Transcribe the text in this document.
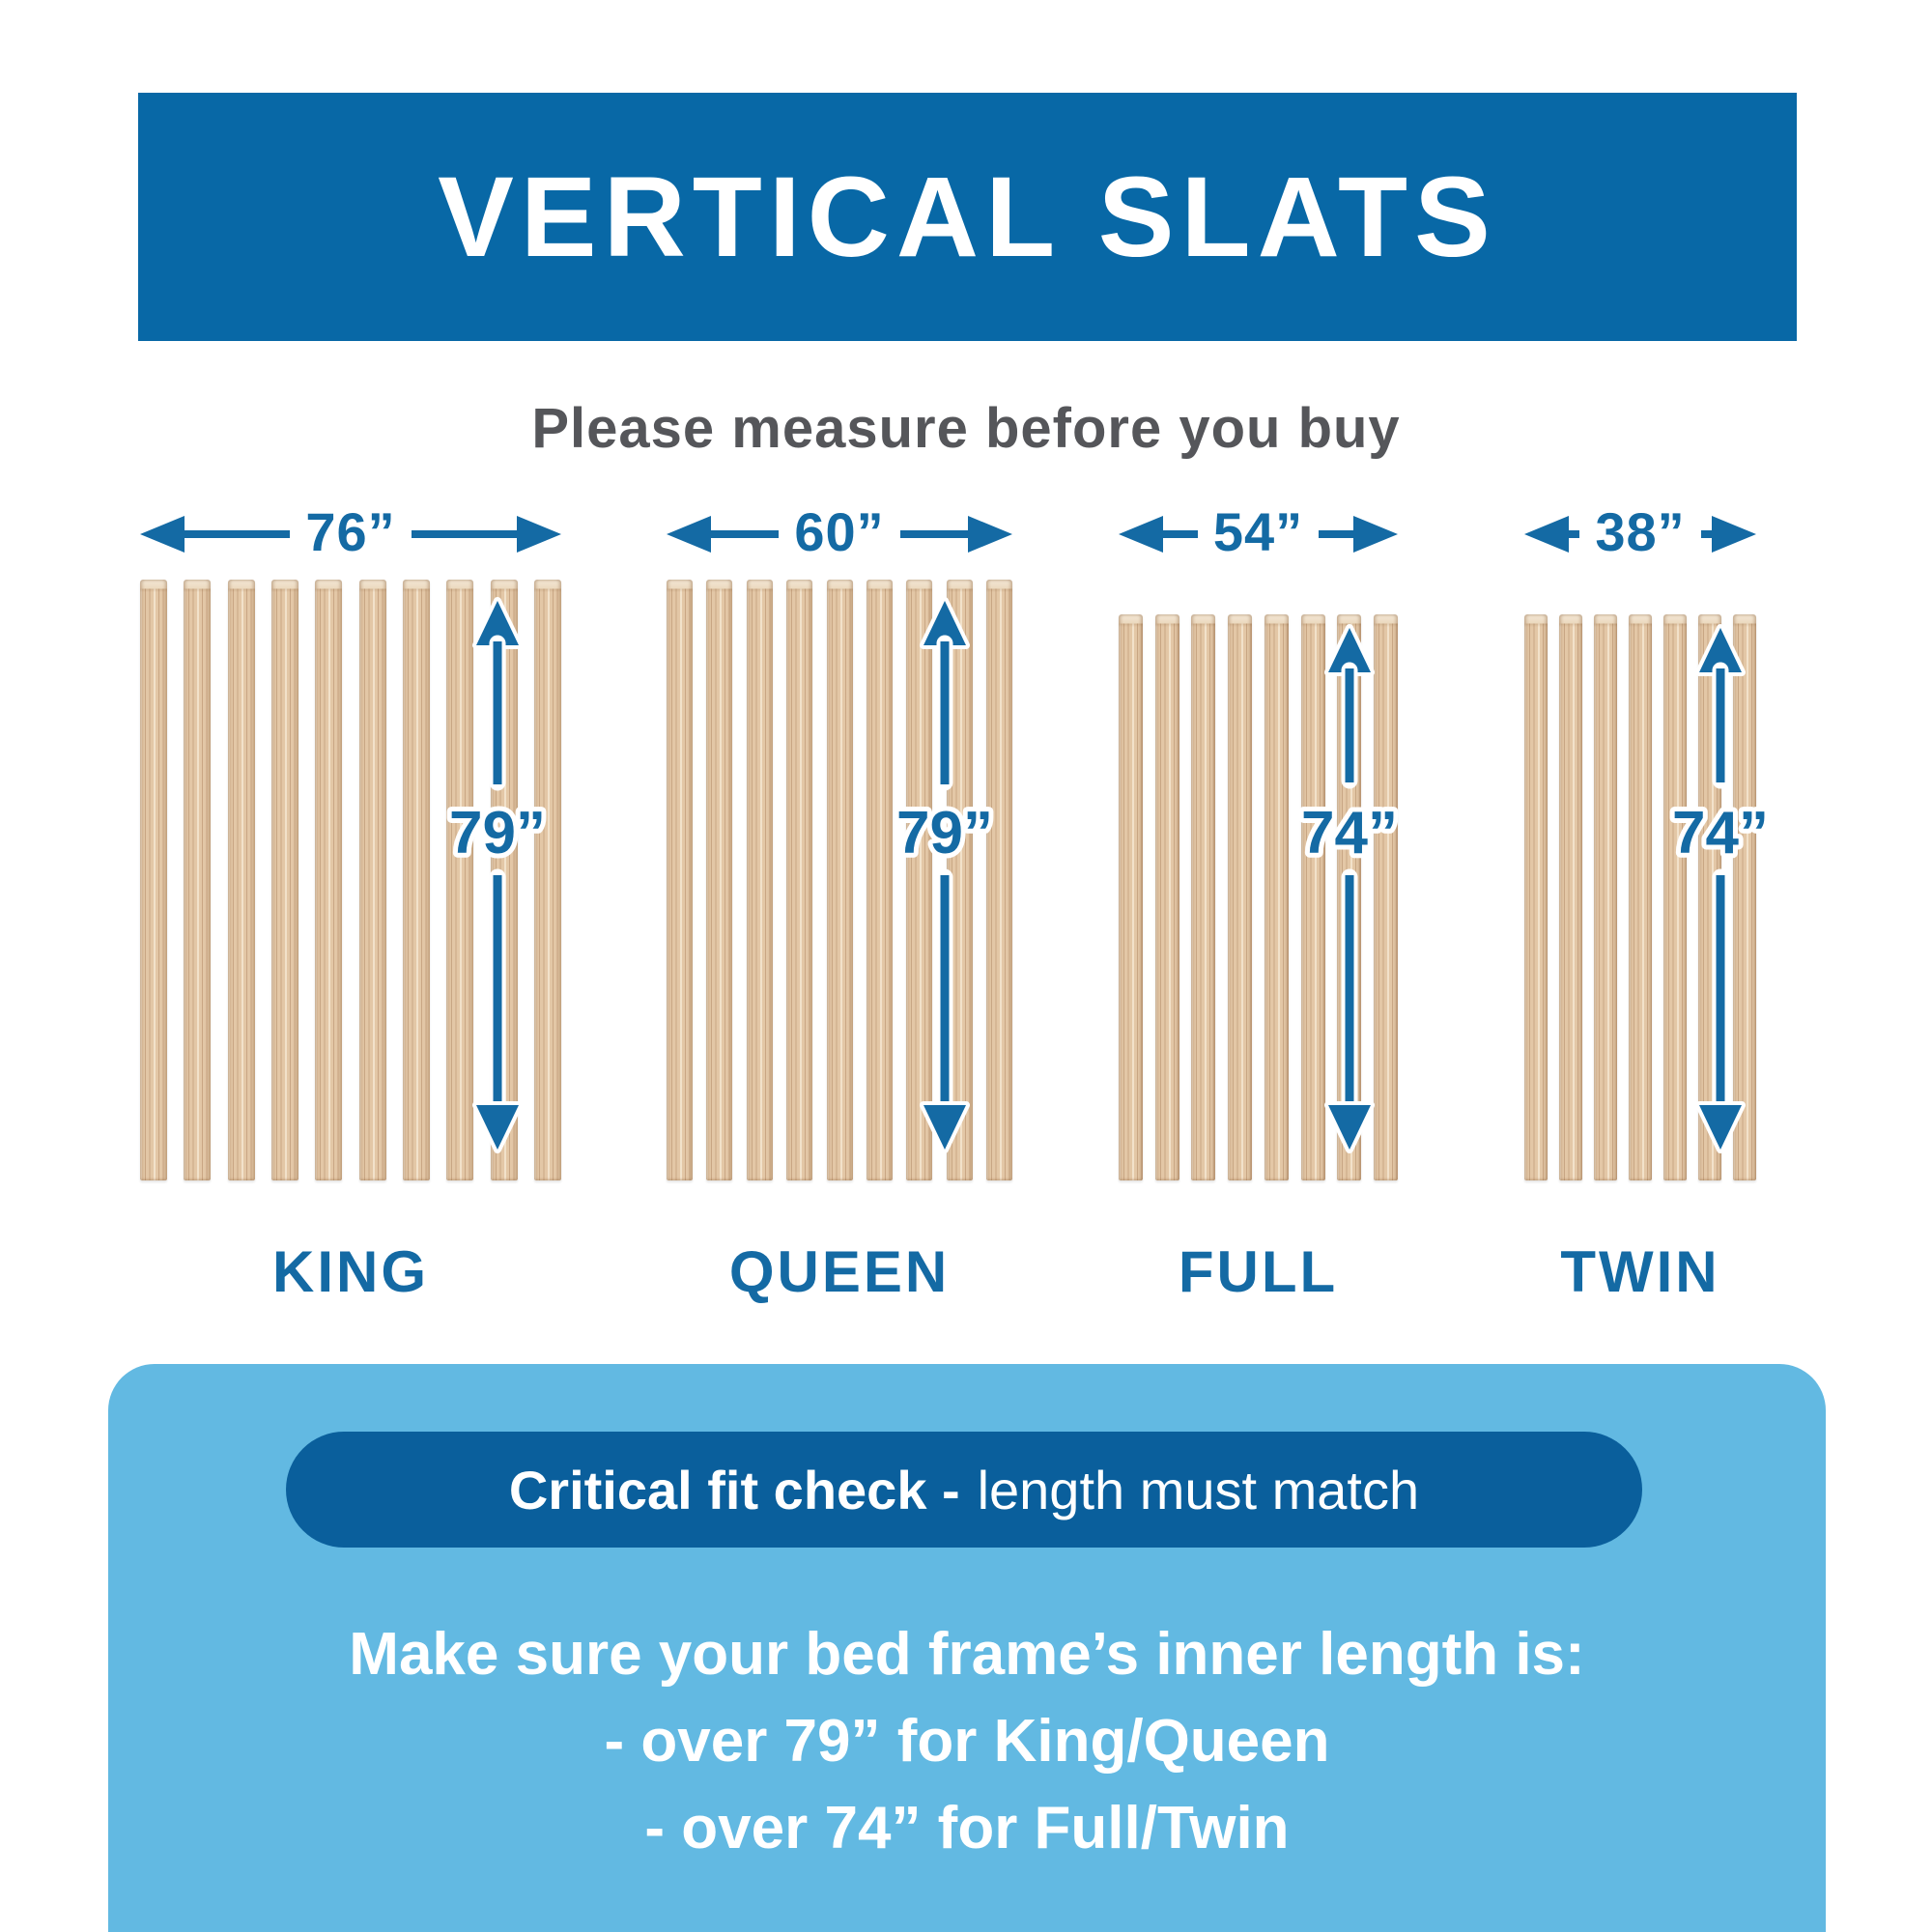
VERTICAL SLATS
Please measure before you buy
76”
79”
KING
60”
79”
QUEEN
54”
74”
FULL
38”
74”
TWIN
Critical fit check - length must match
Make sure your bed frame’s inner length is:
- over 79” for King/Queen
- over 74” for Full/Twin
